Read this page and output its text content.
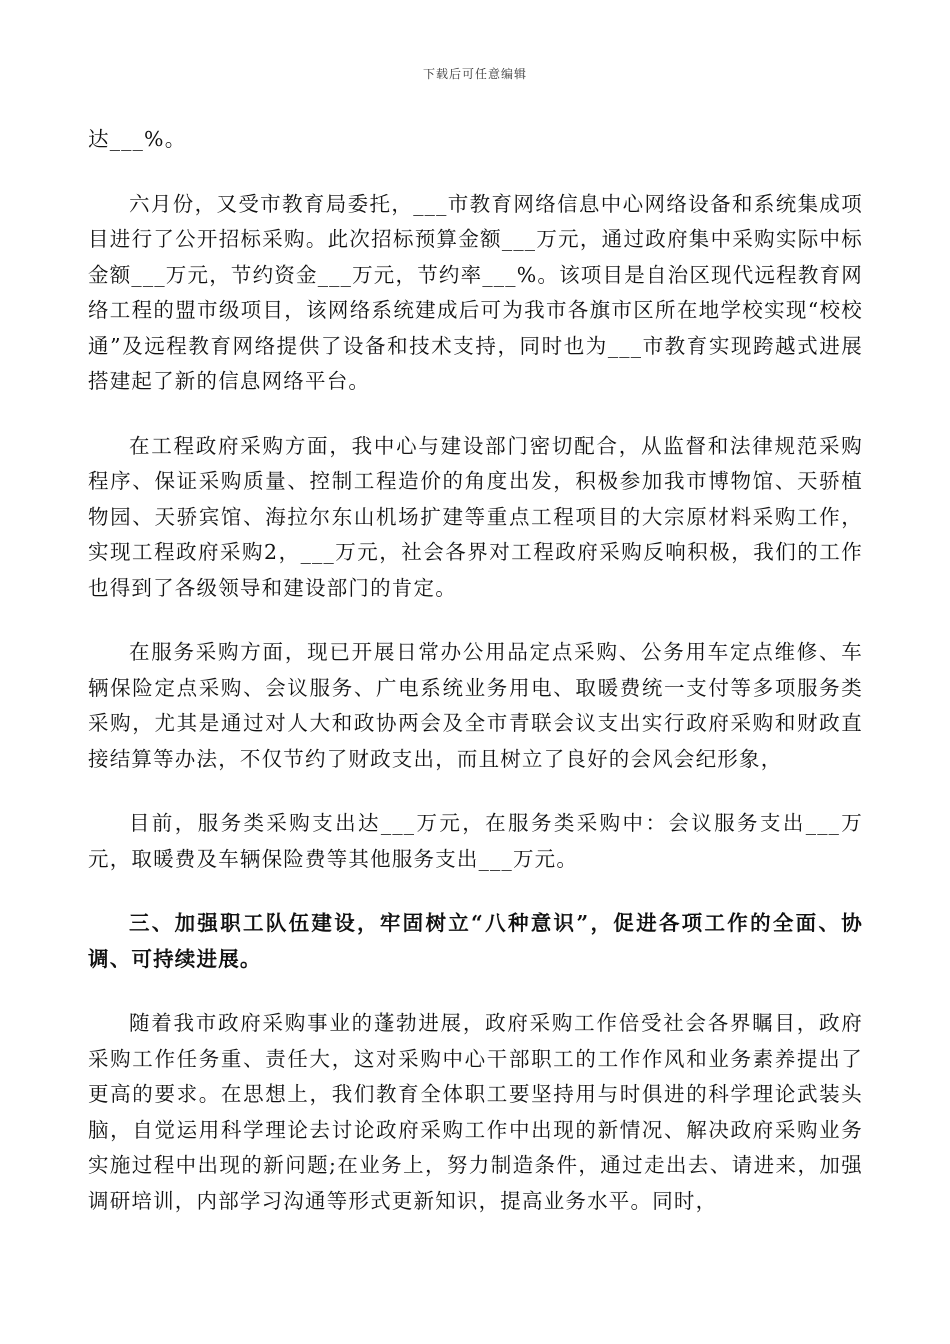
下载后可任意编辑

达___%。

六月份，又受市教育局委托，___市教育网络信息中心网络设备和系统集成项目进行了公开招标采购。此次招标预算金额___万元，通过政府集中采购实际中标金额___万元，节约资金___万元，节约率___%。该项目是自治区现代远程教育网络工程的盟市级项目，该网络系统建成后可为我市各旗市区所在地学校实现“校校通”及远程教育网络提供了设备和技术支持，同时也为___市教育实现跨越式进展搭建起了新的信息网络平台。

在工程政府采购方面，我中心与建设部门密切配合，从监督和法律规范采购程序、保证采购质量、控制工程造价的角度出发，积极参加我市博物馆、天骄植物园、天骄宾馆、海拉尔东山机场扩建等重点工程项目的大宗原材料采购工作，实现工程政府采购2，___万元，社会各界对工程政府采购反响积极，我们的工作也得到了各级领导和建设部门的肯定。

在服务采购方面，现已开展日常办公用品定点采购、公务用车定点维修、车辆保险定点采购、会议服务、广电系统业务用电、取暖费统一支付等多项服务类采购，尤其是通过对人大和政协两会及全市青联会议支出实行政府采购和财政直接结算等办法，不仅节约了财政支出，而且树立了良好的会风会纪形象，

目前，服务类采购支出达___万元，在服务类采购中：会议服务支出___万元，取暖费及车辆保险费等其他服务支出___万元。

三、加强职工队伍建设，牢固树立“八种意识”，促进各项工作的全面、协调、可持续进展。

随着我市政府采购事业的蓬勃进展，政府采购工作倍受社会各界瞩目，政府采购工作任务重、责任大，这对采购中心干部职工的工作作风和业务素养提出了更高的要求。在思想上，我们教育全体职工要坚持用与时俱进的科学理论武装头脑，自觉运用科学理论去讨论政府采购工作中出现的新情况、解决政府采购业务实施过程中出现的新问题;在业务上，努力制造条件，通过走出去、请进来，加强调研培训，内部学习沟通等形式更新知识，提高业务水平。同时，
